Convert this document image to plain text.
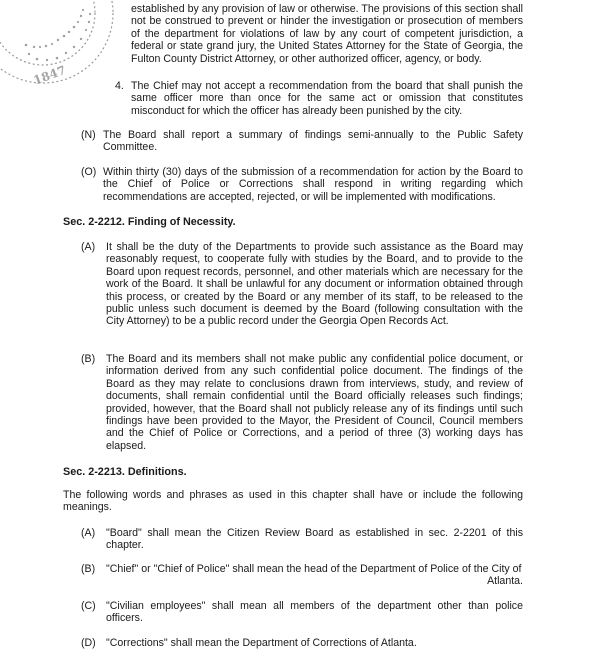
1847
established by any provision of law or otherwise. The provisions of this section shall not be construed to prevent or hinder the investigation or prosecution of members of the department for violations of law by any court of competent jurisdiction, a federal or state grand jury, the United States Attorney for the State of Georgia, the Fulton County District Attorney, or other authorized officer, agency, or body.
4. The Chief may not accept a recommendation from the board that shall punish the same officer more than once for the same act or omission that constitutes misconduct for which the officer has already been punished by the city.
(N) The Board shall report a summary of findings semi-annually to the Public Safety Committee.
(O) Within thirty (30) days of the submission of a recommendation for action by the Board to the Chief of Police or Corrections shall respond in writing regarding which recommendations are accepted, rejected, or will be implemented with modifications.
Sec. 2-2212. Finding of Necessity.
(A) It shall be the duty of the Departments to provide such assistance as the Board may reasonably request, to cooperate fully with studies by the Board, and to provide to the Board upon request records, personnel, and other materials which are necessary for the work of the Board. It shall be unlawful for any document or information obtained through this process, or created by the Board or any member of its staff, to be released to the public unless such document is deemed by the Board (following consultation with the City Attorney) to be a public record under the Georgia Open Records Act.
(B) The Board and its members shall not make public any confidential police document, or information derived from any such confidential police document. The findings of the Board as they may relate to conclusions drawn from interviews, study, and review of documents, shall remain confidential until the Board officially releases such findings; provided, however, that the Board shall not publicly release any of its findings until such findings have been provided to the Mayor, the President of Council, Council members and the Chief of Police or Corrections, and a period of three (3) working days has elapsed.
Sec. 2-2213. Definitions.
The following words and phrases as used in this chapter shall have or include the following meanings.
(A) "Board" shall mean the Citizen Review Board as established in sec. 2-2201 of this chapter.
(B) "Chief" or "Chief of Police" shall mean the head of the Department of Police of the City of
Atlanta.
(C) "Civilian employees" shall mean all members of the department other than police officers.
(D) "Corrections" shall mean the Department of Corrections of Atlanta.
